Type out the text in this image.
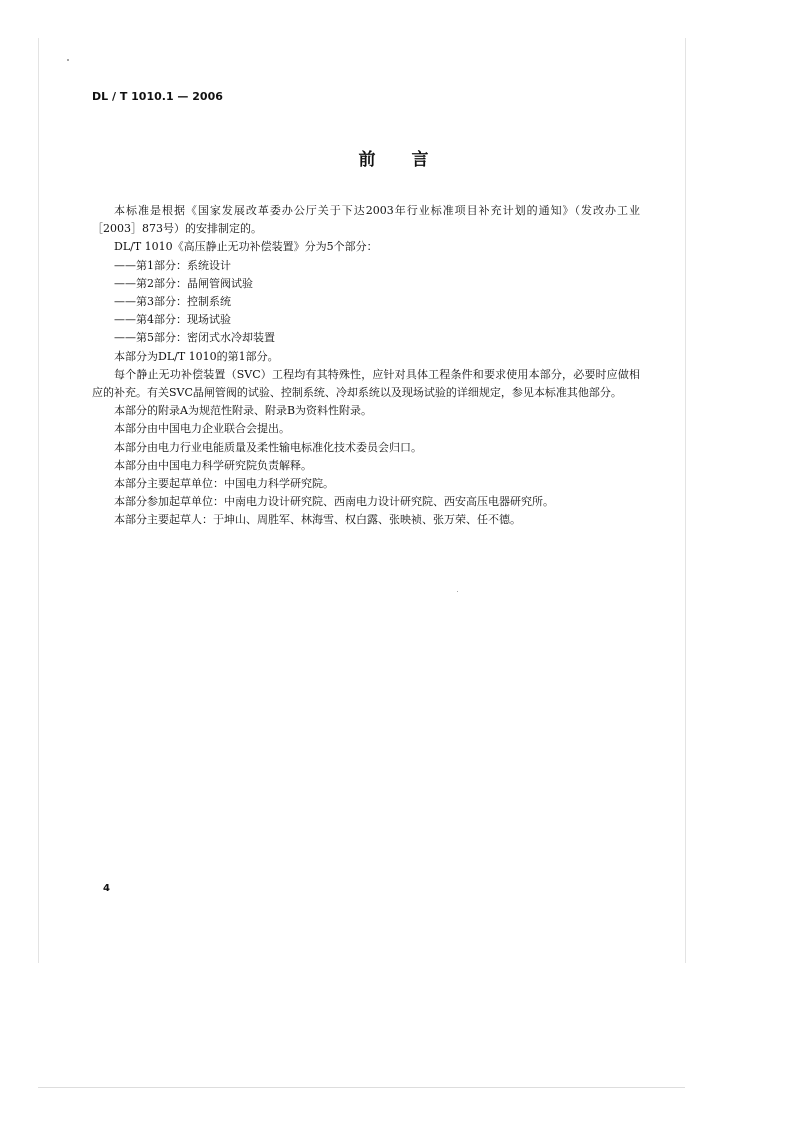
DL / T 1010.1 — 2006
前言

本标准是根据《国家发展改革委办公厅关于下达2003年行业标准项目补充计划的通知》（发改办工业［2003］873号）的安排制定的。

DL/T 1010《高压静止无功补偿装置》分为5个部分：

——第1部分：系统设计

——第2部分：晶闸管阀试验

——第3部分：控制系统

——第4部分：现场试验

——第5部分：密闭式水冷却装置

本部分为DL/T 1010的第1部分。

每个静止无功补偿装置（SVC）工程均有其特殊性，应针对具体工程条件和要求使用本部分，必要时应做相应的补充。有关SVC晶闸管阀的试验、控制系统、冷却系统以及现场试验的详细规定，参见本标准其他部分。

本部分的附录A为规范性附录、附录B为资料性附录。

本部分由中国电力企业联合会提出。

本部分由电力行业电能质量及柔性输电标准化技术委员会归口。

本部分由中国电力科学研究院负责解释。

本部分主要起草单位：中国电力科学研究院。

本部分参加起草单位：中南电力设计研究院、西南电力设计研究院、西安高压电器研究所。

本部分主要起草人：于坤山、周胜军、林海雪、权白露、张映祯、张万荣、任不德。

4
